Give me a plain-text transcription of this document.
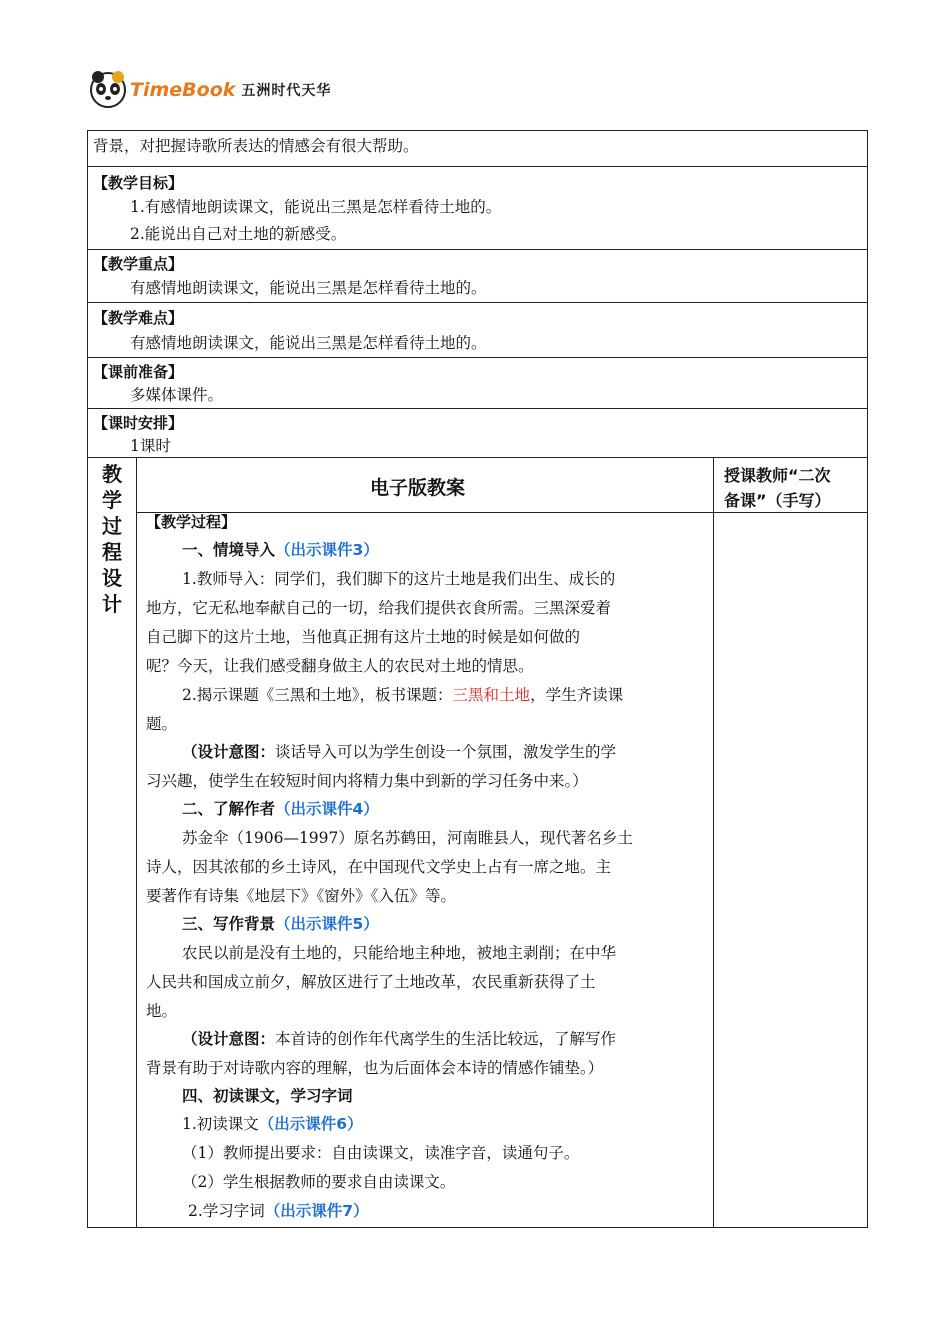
TimeBook 五洲时代天华
背景，对把握诗歌所表达的情感会有很大帮助。
【教学目标】
1.有感情地朗读课文，能说出三黑是怎样看待土地的。
2.能说出自己对土地的新感受。
【教学重点】
有感情地朗读课文，能说出三黑是怎样看待土地的。
【教学难点】
有感情地朗读课文，能说出三黑是怎样看待土地的。
【课前准备】
多媒体课件。
【课时安排】
1课时
教
学
过
程
设
计
电子版教案
授课教师“二次
备课”（手写）
【教学过程】
一、情境导入（出示课件3）
1.教师导入：同学们，我们脚下的这片土地是我们出生、成长的
地方，它无私地奉献自己的一切，给我们提供衣食所需。三黑深爱着
自己脚下的这片土地，当他真正拥有这片土地的时候是如何做的
呢？今天，让我们感受翻身做主人的农民对土地的情思。
2.揭示课题《三黑和土地》，板书课题：三黑和土地，学生齐读课
题。
（设计意图：谈话导入可以为学生创设一个氛围，激发学生的学
习兴趣，使学生在较短时间内将精力集中到新的学习任务中来。）
二、了解作者（出示课件4）
苏金伞（1906—1997）原名苏鹤田，河南睢县人，现代著名乡土
诗人，因其浓郁的乡土诗风，在中国现代文学史上占有一席之地。主
要著作有诗集《地层下》《窗外》《入伍》等。
三、写作背景（出示课件5）
农民以前是没有土地的，只能给地主种地，被地主剥削；在中华
人民共和国成立前夕，解放区进行了土地改革，农民重新获得了土
地。
（设计意图：本首诗的创作年代离学生的生活比较远，了解写作
背景有助于对诗歌内容的理解，也为后面体会本诗的情感作铺垫。）
四、初读课文，学习字词
1.初读课文（出示课件6）
（1）教师提出要求：自由读课文，读准字音，读通句子。
（2）学生根据教师的要求自由读课文。
2.学习字词（出示课件7）
